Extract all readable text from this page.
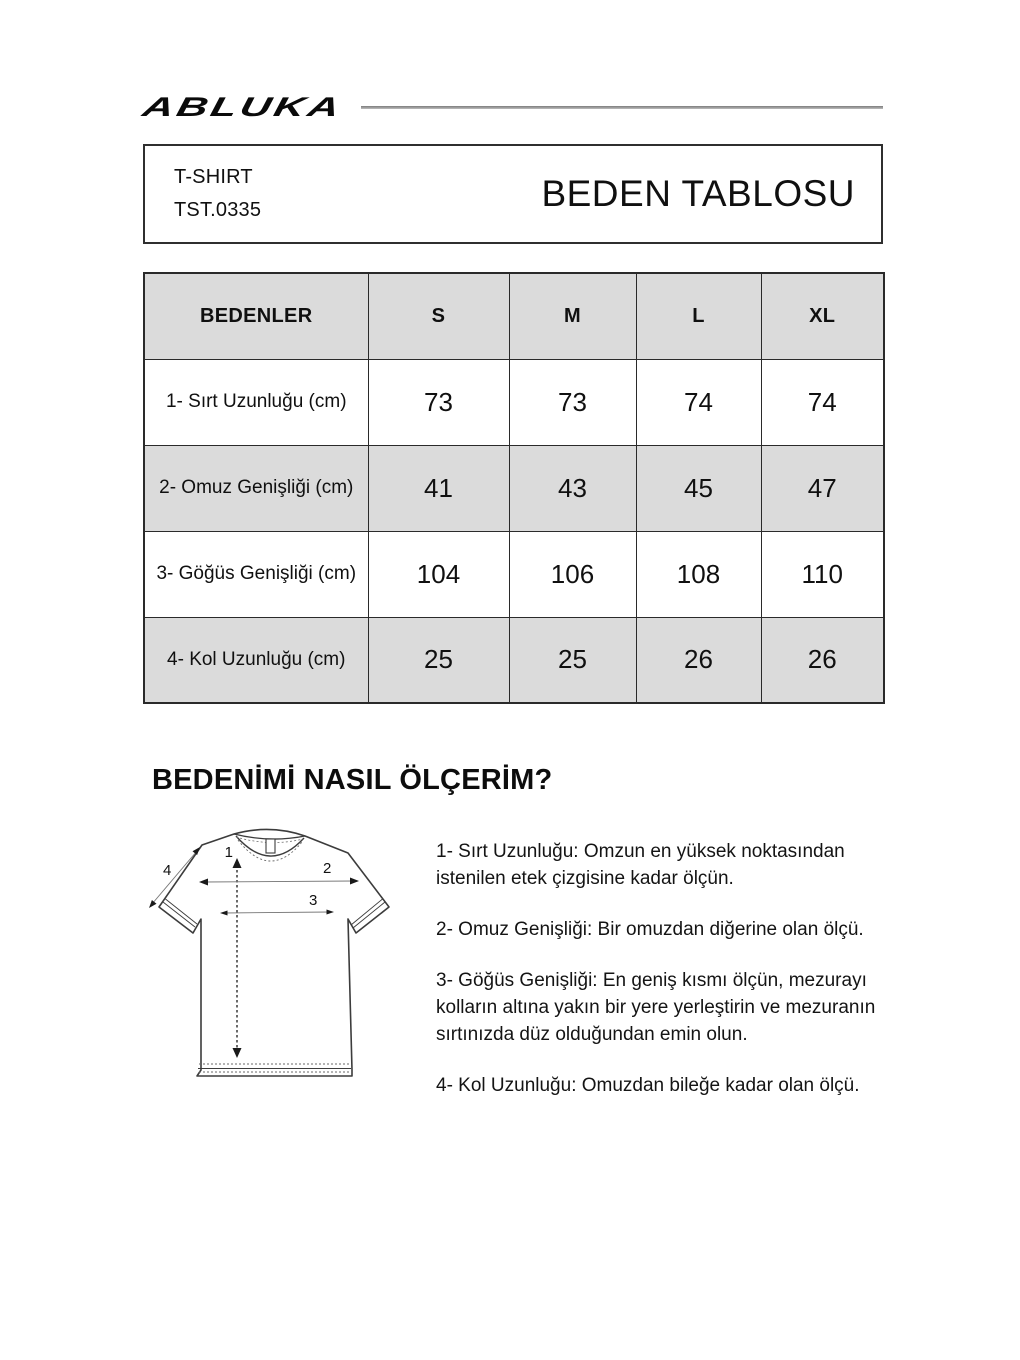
ABLUKA
T-SHIRT
TST.0335	BEDEN TABLOSU
BEDENLER	S	M	L	XL
1- Sırt Uzunluğu (cm)	73	73	74	74
2- Omuz Genişliği (cm)	41	43	45	47
3- Göğüs Genişliği (cm)	104	106	108	110
4- Kol Uzunluğu (cm)	25	25	26	26
BEDENİMİ NASIL ÖLÇERİM?
1
2
3
4

1- Sırt Uzunluğu: Omzun en yüksek noktasından istenilen etek çizgisine kadar ölçün.

2- Omuz Genişliği: Bir omuzdan diğerine olan ölçü.

3- Göğüs Genişliği: En geniş kısmı ölçün, mezurayı kolların altına yakın bir yere yerleştirin ve mezuranın sırtınızda düz olduğundan emin olun.

4- Kol Uzunluğu: Omuzdan bileğe kadar olan ölçü.
